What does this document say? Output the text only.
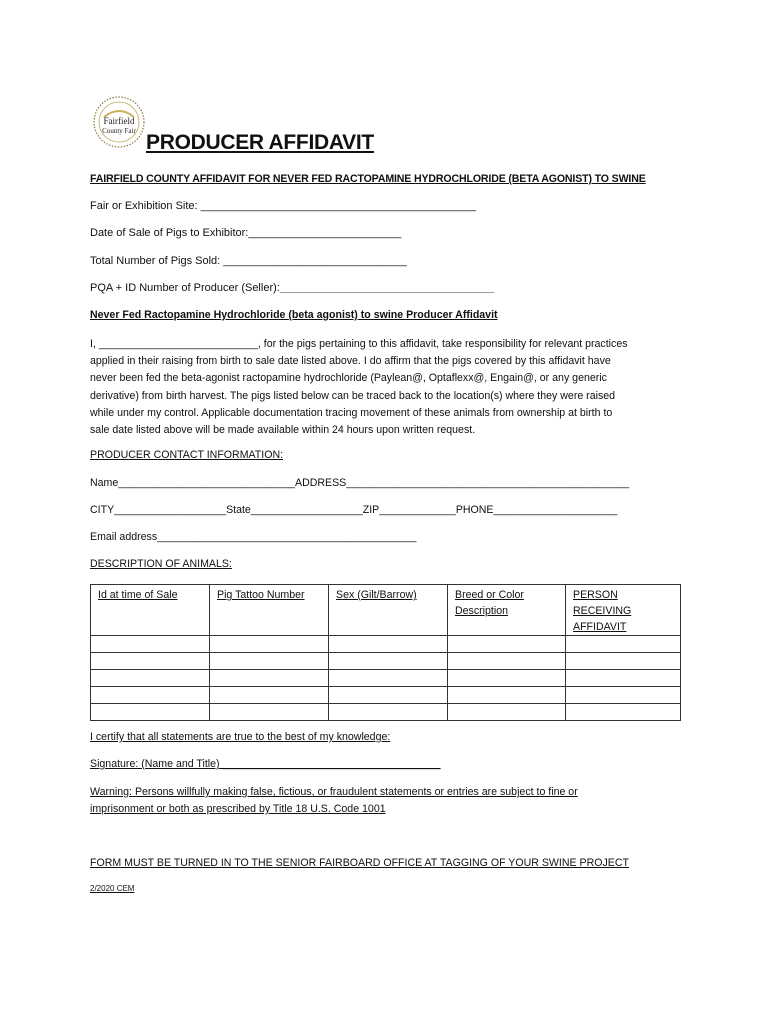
Fairfield
County Fair PRODUCER AFFIDAVIT
FAIRFIELD COUNTY AFFIDAVIT FOR NEVER FED RACTOPAMINE HYDROCHLORIDE (BETA AGONIST) TO SWINE
Fair or Exhibition Site: _____________________________________________
Date of Sale of Pigs to Exhibitor:_________________________
Total Number of Pigs Sold: ______________________________
PQA + ID Number of Producer (Seller):___________________________________
Never Fed Ractopamine Hydrochloride (beta agonist) to swine Producer Affidavit

I, ___________________________, for the pigs pertaining to this affidavit, take responsibility for relevant practices

applied in their raising from birth to sale date listed above. I do affirm that the pigs covered by this affidavit have

never been fed the beta-agonist ractopamine hydrochloride (Paylean@, Optaflexx@, Engain@, or any generic

derivative) from birth harvest. The pigs listed below can be traced back to the location(s) where they were raised

while under my control. Applicable documentation tracing movement of these animals from ownership at birth to

sale date listed above will be made available within 24 hours upon written request.

PRODUCER CONTACT INFORMATION:
Name______________________________ADDRESS________________________________________________
CITY___________________State___________________ZIP_____________PHONE_____________________
Email address____________________________________________
DESCRIPTION OF ANIMALS:
Id at time of Sale	Pig Tattoo Number	Sex (Gilt/Barrow)	Breed or Color Description	PERSON RECEIVING AFFIDAVIT

I certify that all statements are true to the best of my knowledge:
Signature: (Name and Title) _____________________________________
Warning: Persons willfully making false, fictious, or fraudulent statements or entries are subject to fine or
imprisonment or both as prescribed by Title 18 U.S. Code 1001
FORM MUST BE TURNED IN TO THE SENIOR FAIRBOARD OFFICE AT TAGGING OF YOUR SWINE PROJECT
2/2020 CEM
